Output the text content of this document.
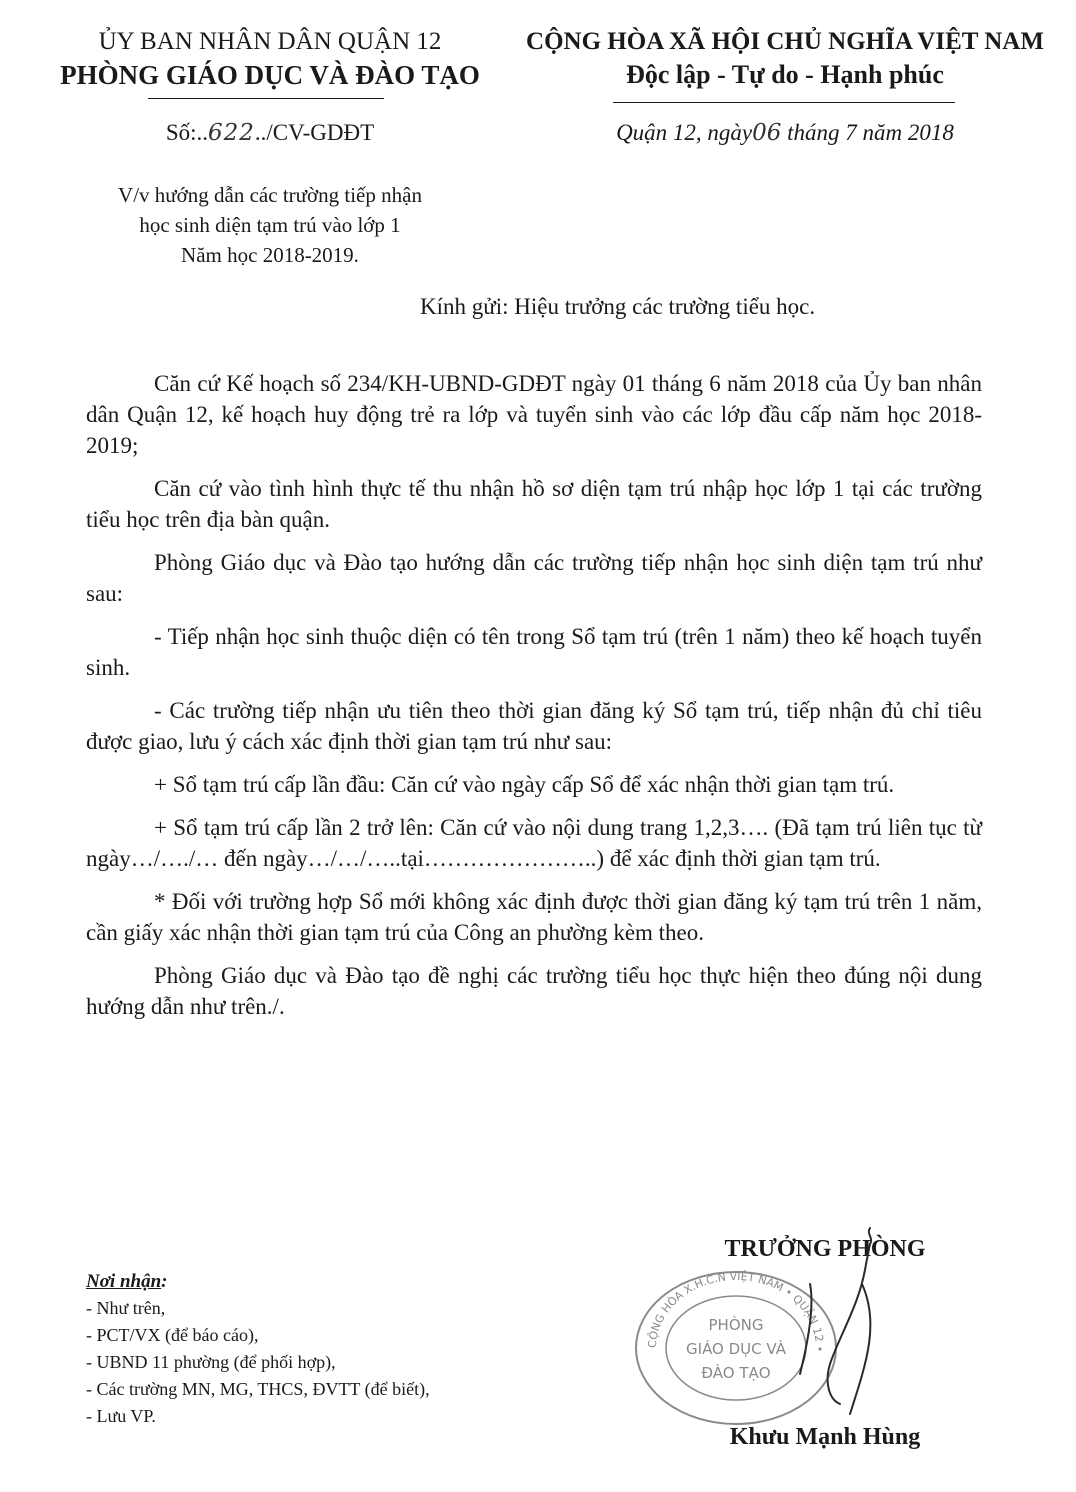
ỦY BAN NHÂN DÂN QUẬN 12
PHÒNG GIÁO DỤC VÀ ĐÀO TẠO
CỘNG HÒA XÃ HỘI CHỦ NGHĨA VIỆT NAM
Độc lập - Tự do - Hạnh phúc
Số:..622../CV-GDĐT	Quận 12, ngày06 tháng 7 năm 2018
V/v hướng dẫn các trường tiếp nhận
học sinh diện tạm trú vào lớp 1
Năm học 2018-2019.
Kính gửi: Hiệu trưởng các trường tiểu học.
Căn cứ Kế hoạch số 234/KH-UBND-GDĐT ngày 01 tháng 6 năm 2018 của Ủy ban nhân dân Quận 12, kế hoạch huy động trẻ ra lớp và tuyển sinh vào các lớp đầu cấp năm học 2018-2019;
Căn cứ vào tình hình thực tế thu nhận hồ sơ diện tạm trú nhập học lớp 1 tại các trường tiểu học trên địa bàn quận.
Phòng Giáo dục và Đào tạo hướng dẫn các trường tiếp nhận học sinh diện tạm trú như sau:
- Tiếp nhận học sinh thuộc diện có tên trong Sổ tạm trú (trên 1 năm) theo kế hoạch tuyển sinh.
- Các trường tiếp nhận ưu tiên theo thời gian đăng ký Sổ tạm trú, tiếp nhận đủ chỉ tiêu được giao, lưu ý cách xác định thời gian tạm trú như sau:
+ Sổ tạm trú cấp lần đầu: Căn cứ vào ngày cấp Sổ để xác nhận thời gian tạm trú.
+ Sổ tạm trú cấp lần 2 trở lên: Căn cứ vào nội dung trang 1,2,3…. (Đã tạm trú liên tục từ ngày…/…./… đến ngày…/…/…..tại…………………..) để xác định thời gian tạm trú.
* Đối với trường hợp Sổ mới không xác định được thời gian đăng ký tạm trú trên 1 năm, cần giấy xác nhận thời gian tạm trú của Công an phường kèm theo.
Phòng Giáo dục và Đào tạo đề nghị các trường tiểu học thực hiện theo đúng nội dung hướng dẫn như trên./.
CỘNG HÒA X.H.C.N VIỆT NAM • QUẬN 12 •
PHÒNG
GIÁO DỤC VÀ
ĐÀO TẠO
TRƯỞNG PHÒNG
Khưu Mạnh Hùng
Nơi nhận:
- Như trên,
- PCT/VX (để báo cáo),
- UBND 11 phường (để phối hợp),
- Các trường MN, MG, THCS, ĐVTT (để biết),
- Lưu VP.
